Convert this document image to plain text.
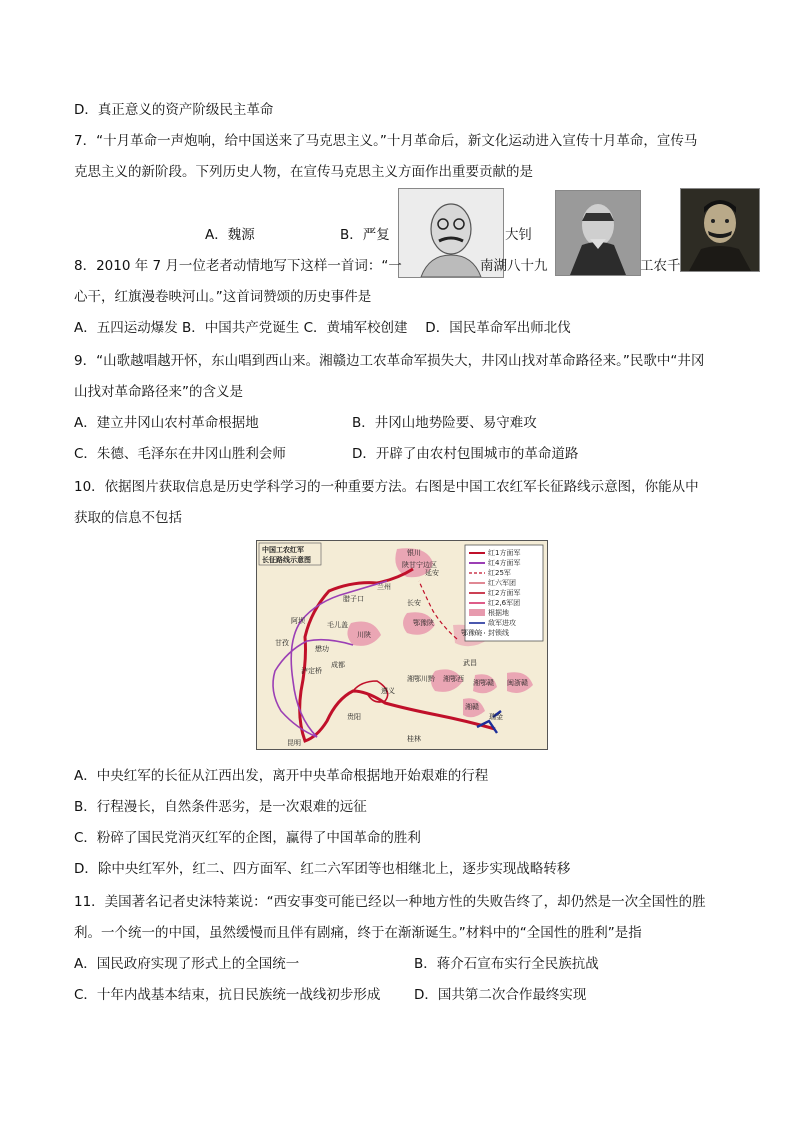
D．真正意义的资产阶级民主革命
7．“十月革命一声炮响，给中国送来了马克思主义。”十月革命后，新文化运动进入宣传十月革命，宣传马
克思主义的新阶段。下列历史人物，在宣传马克思主义方面作出重要贡献的是
A．魏源	B．严复	大钊
8．2010 年 7 月一位老者动情地写下这样一首词：“一	南湖八十九	工农千
心干，红旗漫卷映河山。”这首词赞颂的历史事件是
A．五四运动爆发 B．中国共产党诞生 C．黄埔军校创建　 D．国民革命军出师北伐
9．“山歌越唱越开怀，东山唱到西山来。湘赣边工农革命军损失大，井冈山找对革命路径来。”民歌中“井冈
山找对革命路径来”的含义是
A．建立井冈山农村革命根据地	B．井冈山地势险要、易守难攻
C．朱德、毛泽东在井冈山胜利会师	D．开辟了由农村包围城市的革命道路
10．依据图片获取信息是历史学科学习的一种重要方法。右图是中国工农红军长征路线示意图，你能从中
获取的信息不包括
红1方面军
红4方面军
红25军
红六军团
红2方面军
红2,6军团
根据地
敌军进攻
封锁线
中国工农红军
长征路线示意图
银川
陕甘宁边区
延安
兰州
腊子口	长安
鄂豫陕
川陕
毛儿盖
阿坝
甘孜
懋功
成都
鄂豫皖
湘鄂西
泸定桥
湘鄂川黔	湘鄂赣 闽浙赣
武昌
遵义
湘赣
瑞金
贵阳
桂林
昆明
A．中央红军的长征从江西出发，离开中央革命根据地开始艰难的行程
B．行程漫长，自然条件恶劣，是一次艰难的远征
C．粉碎了国民党消灭红军的企图，赢得了中国革命的胜利
D．除中央红军外，红二、四方面军、红二六军团等也相继北上，逐步实现战略转移
11．美国著名记者史沫特莱说：“西安事变可能已经以一种地方性的失败告终了，却仍然是一次全国性的胜
利。一个统一的中国，虽然缓慢而且伴有剧痛，终于在渐渐诞生。”材料中的“全国性的胜利”是指
A．国民政府实现了形式上的全国统一	B．蒋介石宣布实行全民族抗战
C．十年内战基本结束，抗日民族统一战线初步形成 D．国共第二次合作最终实现
